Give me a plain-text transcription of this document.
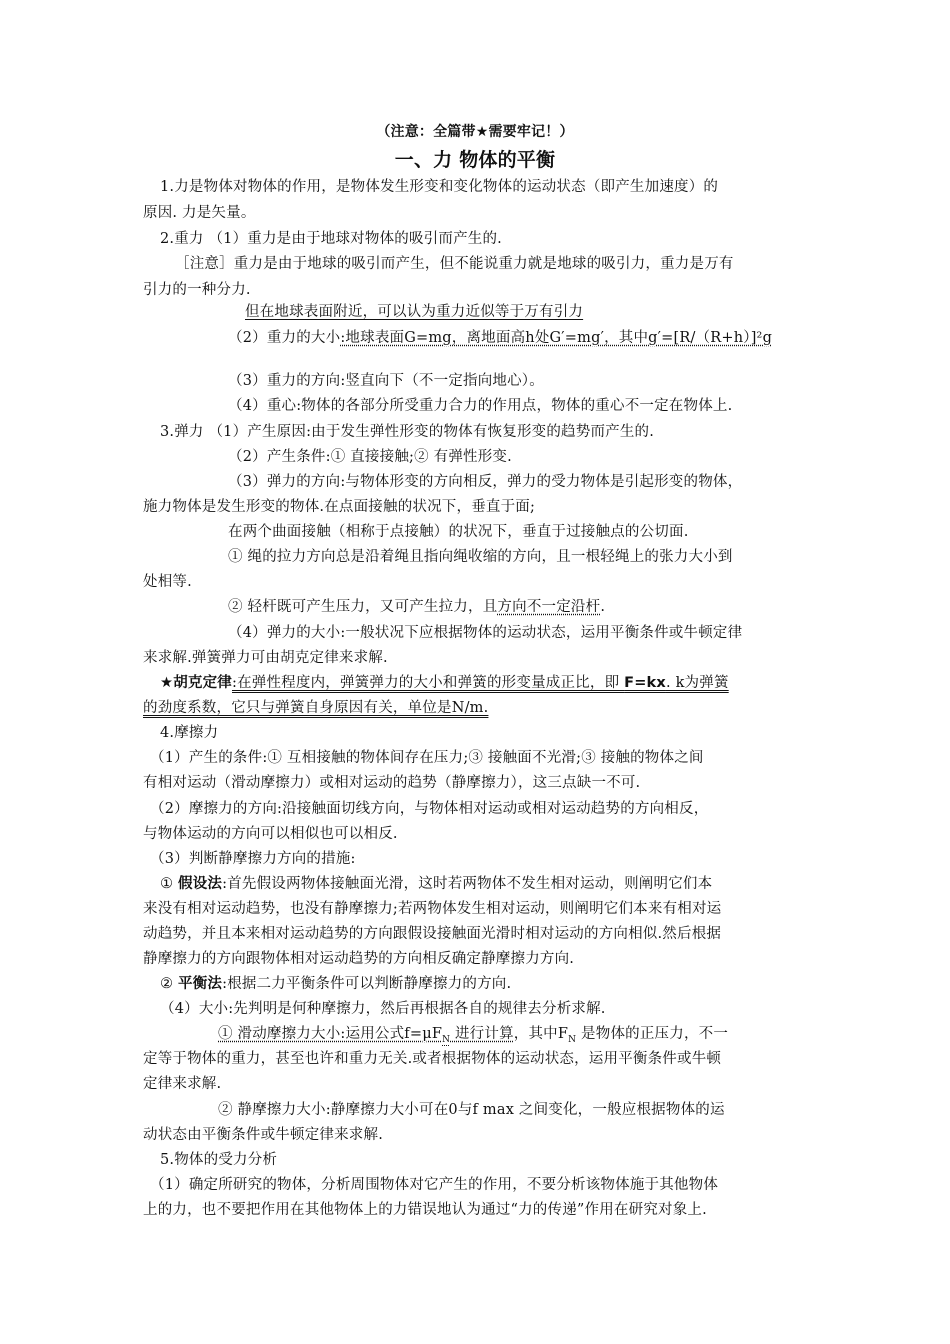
（注意：全篇带★需要牢记！）
一、力 物体的平衡
1.力是物体对物体的作用，是物体发生形变和变化物体的运动状态（即产生加速度）的
原因. 力是矢量。
2.重力 （1）重力是由于地球对物体的吸引而产生的.
［注意］重力是由于地球的吸引而产生，但不能说重力就是地球的吸引力，重力是万有
引力的一种分力.
但在地球表面附近，可以认为重力近似等于万有引力
（2）重力的大小:地球表面G=mg，离地面高h处G′=mg′，其中g′=[R/（R+h）]²g
（3）重力的方向:竖直向下（不一定指向地心）。
（4）重心:物体的各部分所受重力合力的作用点，物体的重心不一定在物体上.
3.弹力 （1）产生原因:由于发生弹性形变的物体有恢复形变的趋势而产生的.
（2）产生条件:① 直接接触;② 有弹性形变.
（3）弹力的方向:与物体形变的方向相反，弹力的受力物体是引起形变的物体，
施力物体是发生形变的物体.在点面接触的状况下，垂直于面;
在两个曲面接触（相称于点接触）的状况下，垂直于过接触点的公切面.
① 绳的拉力方向总是沿着绳且指向绳收缩的方向，且一根轻绳上的张力大小到
处相等.
② 轻杆既可产生压力，又可产生拉力，且方向不一定沿杆.
（4）弹力的大小:一般状况下应根据物体的运动状态，运用平衡条件或牛顿定律
来求解.弹簧弹力可由胡克定律来求解.
★胡克定律:在弹性程度内，弹簧弹力的大小和弹簧的形变量成正比，即 F=kx. k为弹簧
的劲度系数，它只与弹簧自身原因有关，单位是N/m.
4.摩擦力
（1）产生的条件:① 互相接触的物体间存在压力;③ 接触面不光滑;③ 接触的物体之间
有相对运动（滑动摩擦力）或相对运动的趋势（静摩擦力），这三点缺一不可.
（2）摩擦力的方向:沿接触面切线方向，与物体相对运动或相对运动趋势的方向相反，
与物体运动的方向可以相似也可以相反.
（3）判断静摩擦力方向的措施:
① 假设法:首先假设两物体接触面光滑，这时若两物体不发生相对运动，则阐明它们本
来没有相对运动趋势，也没有静摩擦力;若两物体发生相对运动，则阐明它们本来有相对运
动趋势，并且本来相对运动趋势的方向跟假设接触面光滑时相对运动的方向相似.然后根据
静摩擦力的方向跟物体相对运动趋势的方向相反确定静摩擦力方向.
② 平衡法:根据二力平衡条件可以判断静摩擦力的方向.
（4）大小:先判明是何种摩擦力，然后再根据各自的规律去分析求解.
① 滑动摩擦力大小:运用公式$f=\mu F_N$ 进行计算，其中$F_N$ 是物体的正压力，不一
定等于物体的重力，甚至也许和重力无关.或者根据物体的运动状态，运用平衡条件或牛顿
定律来求解.
② 静摩擦力大小:静摩擦力大小可在0与f max 之间变化，一般应根据物体的运
动状态由平衡条件或牛顿定律来求解.
5.物体的受力分析
（1）确定所研究的物体，分析周围物体对它产生的作用，不要分析该物体施于其他物体
上的力，也不要把作用在其他物体上的力错误地认为通过“力的传递”作用在研究对象上.
